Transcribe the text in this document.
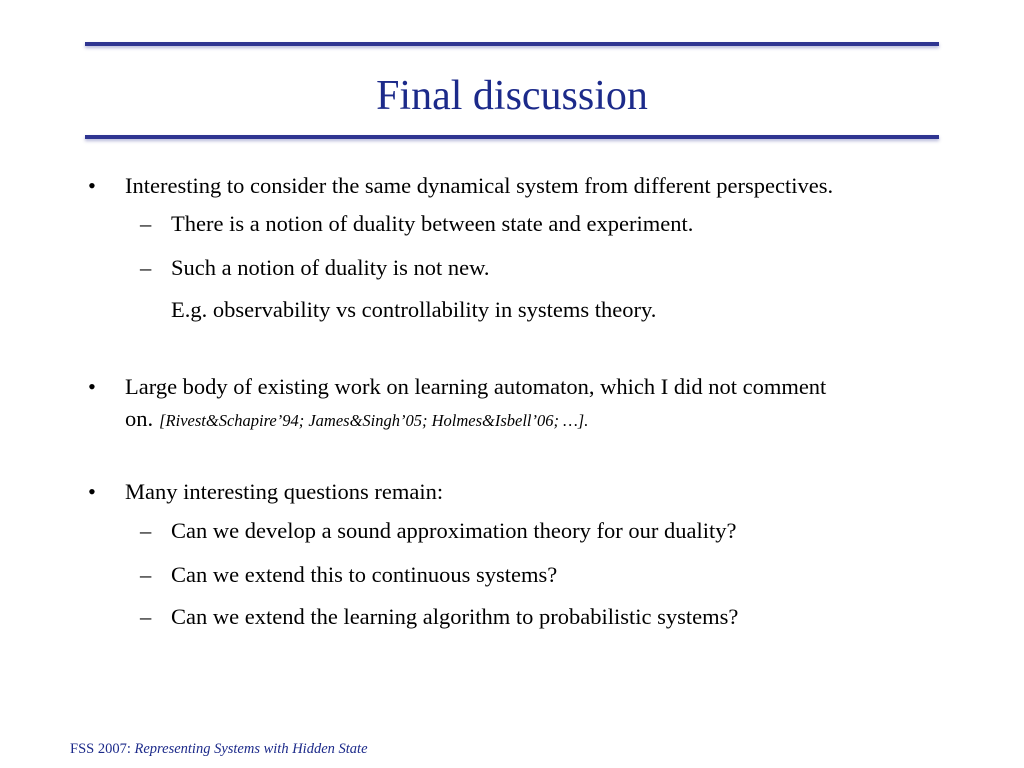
Final discussion
• Interesting to consider the same dynamical system from different perspectives.
– There is a notion of duality between state and experiment.
– Such a notion of duality is not new.
E.g. observability vs controllability in systems theory.
• Large body of existing work on learning automaton, which I did not comment
on. [Rivest&Schapire’94; James&Singh’05; Holmes&Isbell’06; …].
• Many interesting questions remain:
– Can we develop a sound approximation theory for our duality?
– Can we extend this to continuous systems?
– Can we extend the learning algorithm to probabilistic systems?
FSS 2007: Representing Systems with Hidden State
